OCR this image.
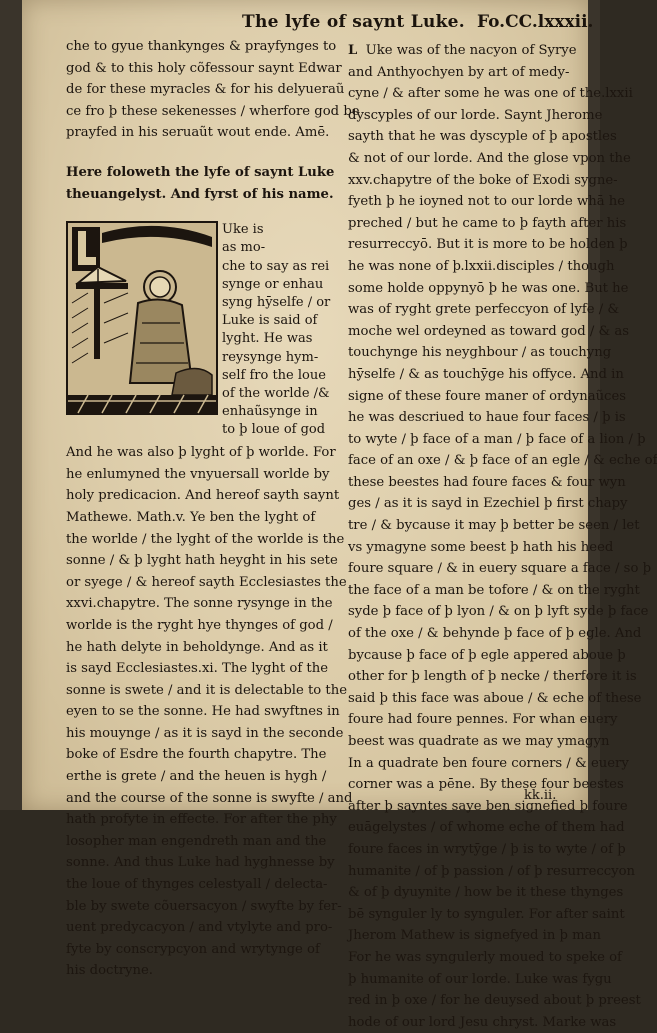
The lyfe of saynt Luke. Fo.CC.lxxxii.
che to gyue thankynges & prayfynges to
god & to this holy cõfessour saynt Edwar
de for these myracles & for his delyueraũ
ce fro þ these sekenesses / wherfore god be
prayfed in his seruaũt wout ende. Amē.
Here foloweth the lyfe of saynt Luke
theuangelyst. And fyrst of his name.
Uke is
as mo-
che to say as rei
synge or enhau
syng hȳselfe / or
Luke is said of
lyght. He was
reysynge hym-
self fro the loue
of the worlde /&
enhaũsynge in
to þ loue of god
And he was also þ lyght of þ worlde. For
he enlumyned the vnyuersall worlde by
holy predicacion. And hereof sayth saynt
Mathewe. Math.v. Ye ben the lyght of
the worlde / the lyght of the worlde is the
sonne / & þ lyght hath heyght in his sete
or syege / & hereof sayth Ecclesiastes the
xxvi.chapytre. The sonne rysynge in the
worlde is the ryght hye thynges of god /
he hath delyte in beholdynge. And as it
is sayd Ecclesiastes.xi. The lyght of the
sonne is swete / and it is delectable to the
eyen to se the sonne. He had swyftnes in
his mouynge / as it is sayd in the seconde
boke of Esdre the fourth chapytre. The
erthe is grete / and the heuen is hygh /
and the course of the sonne is swyfte / and
hath profyte in effecte. For after the phy
losopher man engendreth man and the
sonne. And thus Luke had hyghnesse by
the loue of thynges celestyall / delecta-
ble by swete cõuersacyon / swyfte by fer-
uent predycacyon / and vtylyte and pro-
fyte by conscrypcyon and wrytynge of
his doctryne.
L Uke was of the nacyon of Syrye
and Anthyochyen by art of medy-
cyne / & after some he was one of the.lxxii
dyscyples of our lorde. Saynt Jherome
sayth that he was dyscyple of þ apostles
& not of our lorde. And the glose vpon the
xxv.chapytre of the boke of Exodi sygne-
fyeth þ he ioyned not to our lorde whā he
preched / but he came to þ fayth after his
resurreccyō. But it is more to be holden þ
he was none of þ.lxxii.disciples / though
some holde oppynyō þ he was one. But he
was of ryght grete perfeccyon of lyfe / &
moche wel ordeyned as toward god / & as
touchynge his neyghbour / as touchyng
hȳselfe / & as touchȳge his offyce. And in
signe of these foure maner of ordynaũces
he was descriued to haue four faces / þ is
to wyte / þ face of a man / þ face of a lion / þ
face of an oxe / & þ face of an egle / & eche of
these beestes had foure faces & four wyn
ges / as it is sayd in Ezechiel þ first chapy
tre / & bycause it may þ better be seen / let
vs ymagyne some beest þ hath his heed
foure square / & in euery square a face / so þ
the face of a man be tofore / & on the ryght
syde þ face of þ lyon / & on þ lyft syde þ face
of the oxe / & behynde þ face of þ egle. And
bycause þ face of þ egle appered aboue þ
other for þ length of þ necke / therfore it is
said þ this face was aboue / & eche of these
foure had foure pennes. For whan euery
beest was quadrate as we may ymagyn
In a quadrate ben foure corners / & euery
corner was a pēne. By these four beestes
after þ sayntes saye ben signefied þ foure
euāgelystes / of whome eche of them had
foure faces in wrytȳge / þ is to wyte / of þ
humanite / of þ passion / of þ resurreccyon
& of þ dyuynite / how be it these thynges
bē synguler ly to synguler. For after saint
Jherom Mathew is signefyed in þ man
For he was syngulerly moued to speke of
þ humanite of our lorde. Luke was fygu
red in þ oxe / for he deuysed about þ preest
hode of our lord Jesu chryst. Marke was
kk.ii.
